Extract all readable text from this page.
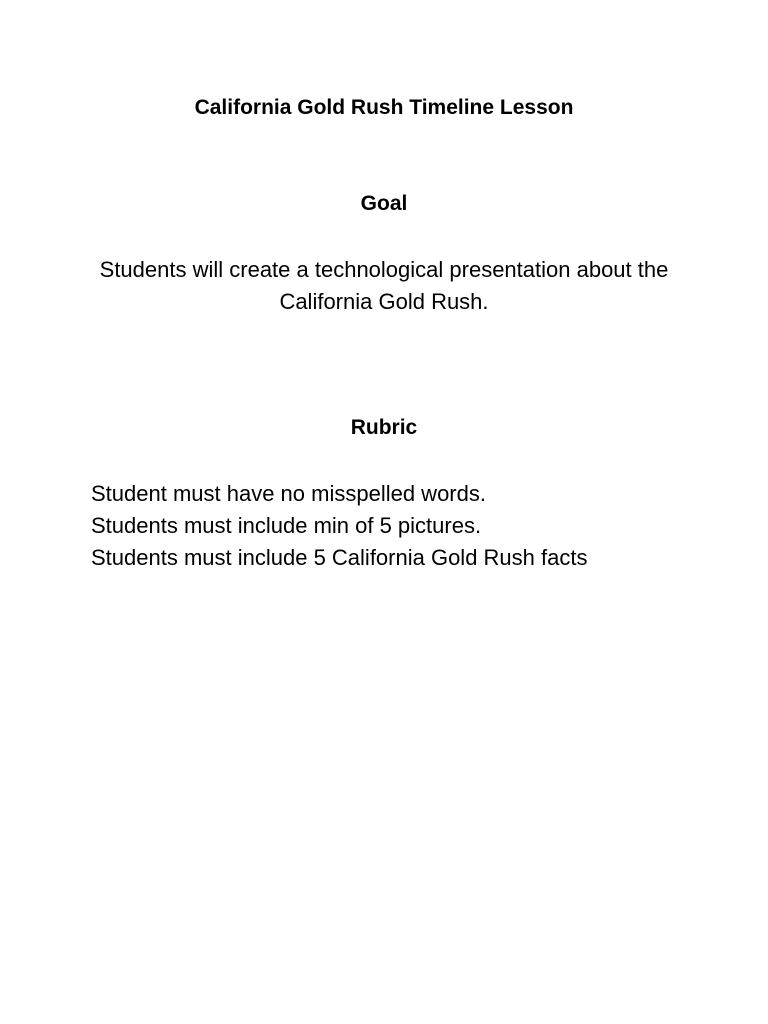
California Gold Rush Timeline Lesson
Goal
Students will create a technological presentation about the
California Gold Rush.
Rubric
Student must have no misspelled words.
Students must include min of 5 pictures.
Students must include 5 California Gold Rush facts
